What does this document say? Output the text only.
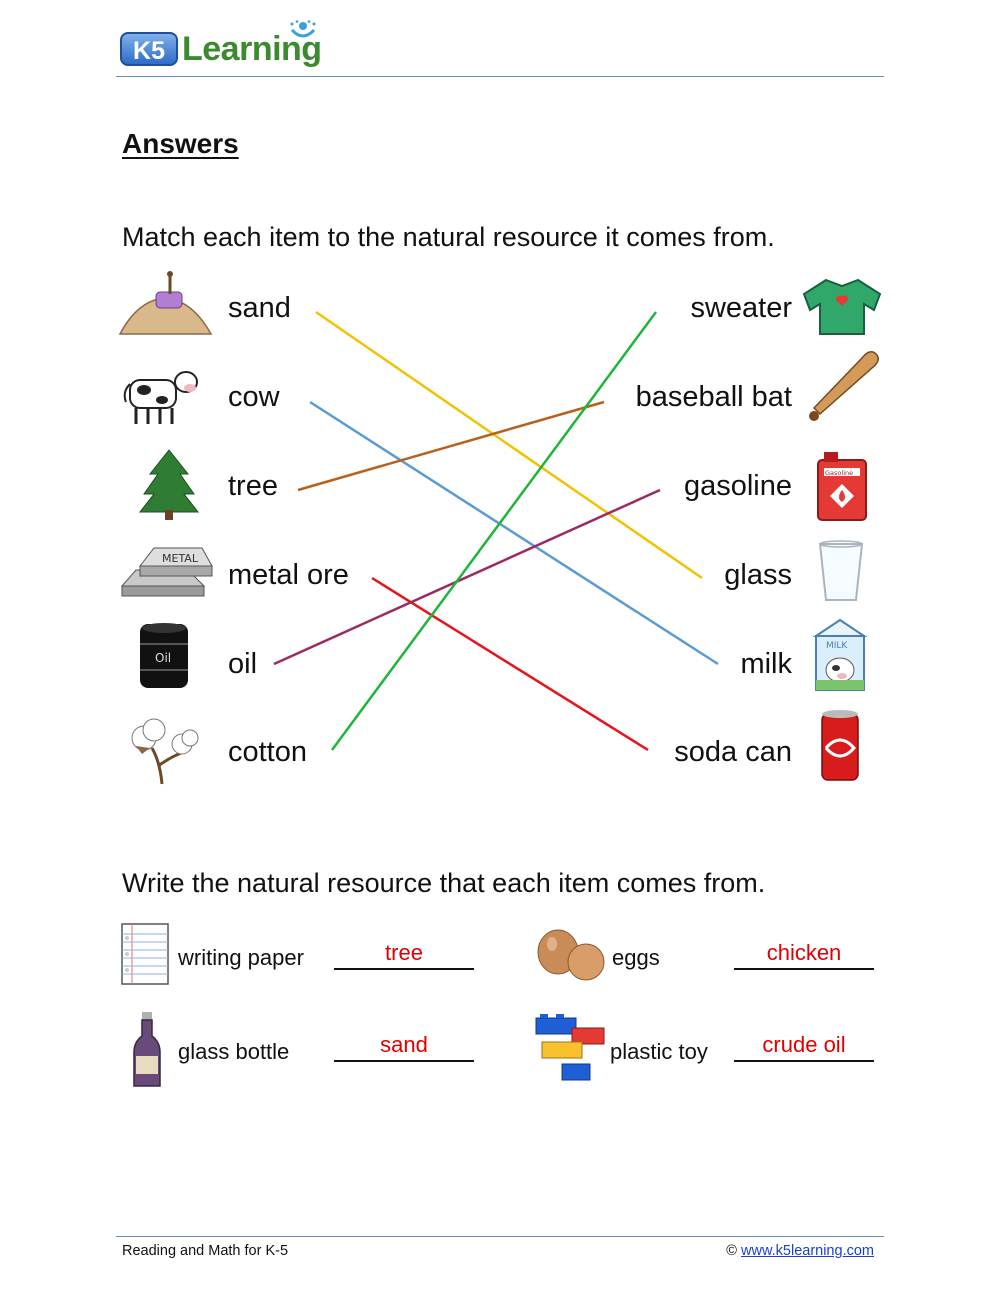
K5 Learning
Answers
Match each item to the natural resource it comes from.
sand
cow
tree
metal ore
oil
cotton
sweater
baseball bat
gasoline
glass
milk
soda can
METAL
Oil
Gasoline
MILK
Write the natural resource that each item comes from.
writing paper	tree	eggs	chicken
glass bottle	sand	plastic toy	crude oil
Reading and Math for K-5	© www.k5learning.com
